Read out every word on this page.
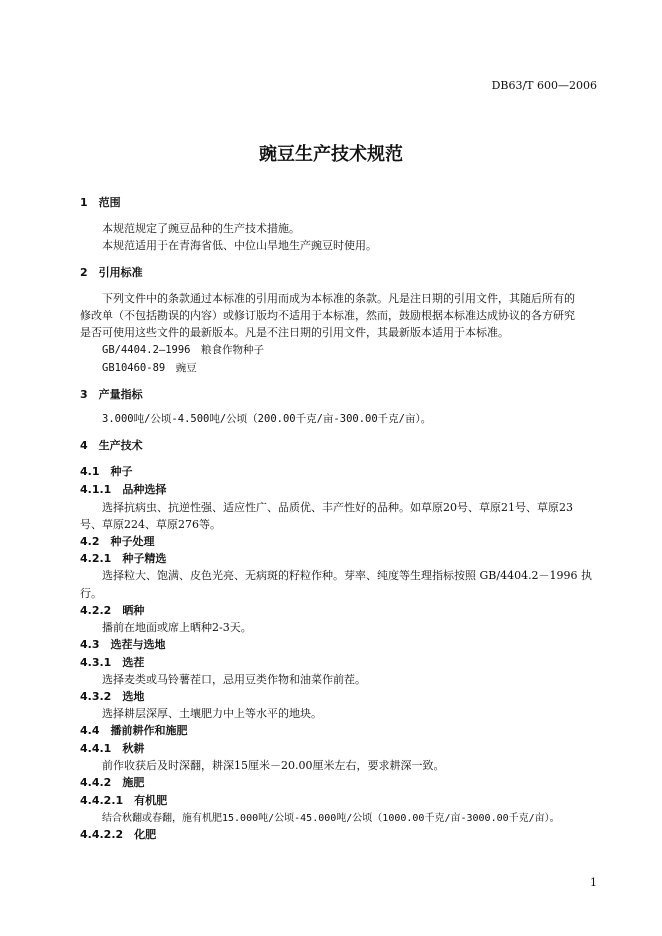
DB63/T 600—2006
豌豆生产技术规范
1　范围
本规范规定了豌豆品种的生产技术措施。
本规范适用于在青海省低、中位山旱地生产豌豆时使用。
2　引用标准
下列文件中的条款通过本标准的引用而成为本标准的条款。凡是注日期的引用文件，其随后所有的
修改单（不包括勘误的内容）或修订版均不适用于本标准，然而，鼓励根据本标准达成协议的各方研究
是否可使用这些文件的最新版本。凡是不注日期的引用文件，其最新版本适用于本标准。
GB/4404.2—1996　粮食作物种子
GB10460-89　豌豆
3　产量指标
3.000吨/公顷-4.500吨/公顷（200.00千克/亩-300.00千克/亩）。
4　生产技术
4.1　种子
4.1.1　品种选择
选择抗病虫、抗逆性强、适应性广、品质优、丰产性好的品种。如草原20号、草原21号、草原23
号、草原224、草原276等。
4.2　种子处理
4.2.1　种子精选
选择粒大、饱满、皮色光亮、无病斑的籽粒作种。芽率、纯度等生理指标按照 GB/4404.2－1996 执
行。
4.2.2　晒种
播前在地面或席上晒种2-3天。
4.3　选茬与选地
4.3.1　选茬
选择麦类或马铃薯茬口，忌用豆类作物和油菜作前茬。
4.3.2　选地
选择耕层深厚、土壤肥力中上等水平的地块。
4.4　播前耕作和施肥
4.4.1　秋耕
前作收获后及时深翻，耕深15厘米－20.00厘米左右，要求耕深一致。
4.4.2　施肥
4.4.2.1　有机肥
结合秋翻或春翻，施有机肥15.000吨/公顷-45.000吨/公顷（1000.00千克/亩-3000.00千克/亩）。
4.4.2.2　化肥
1
